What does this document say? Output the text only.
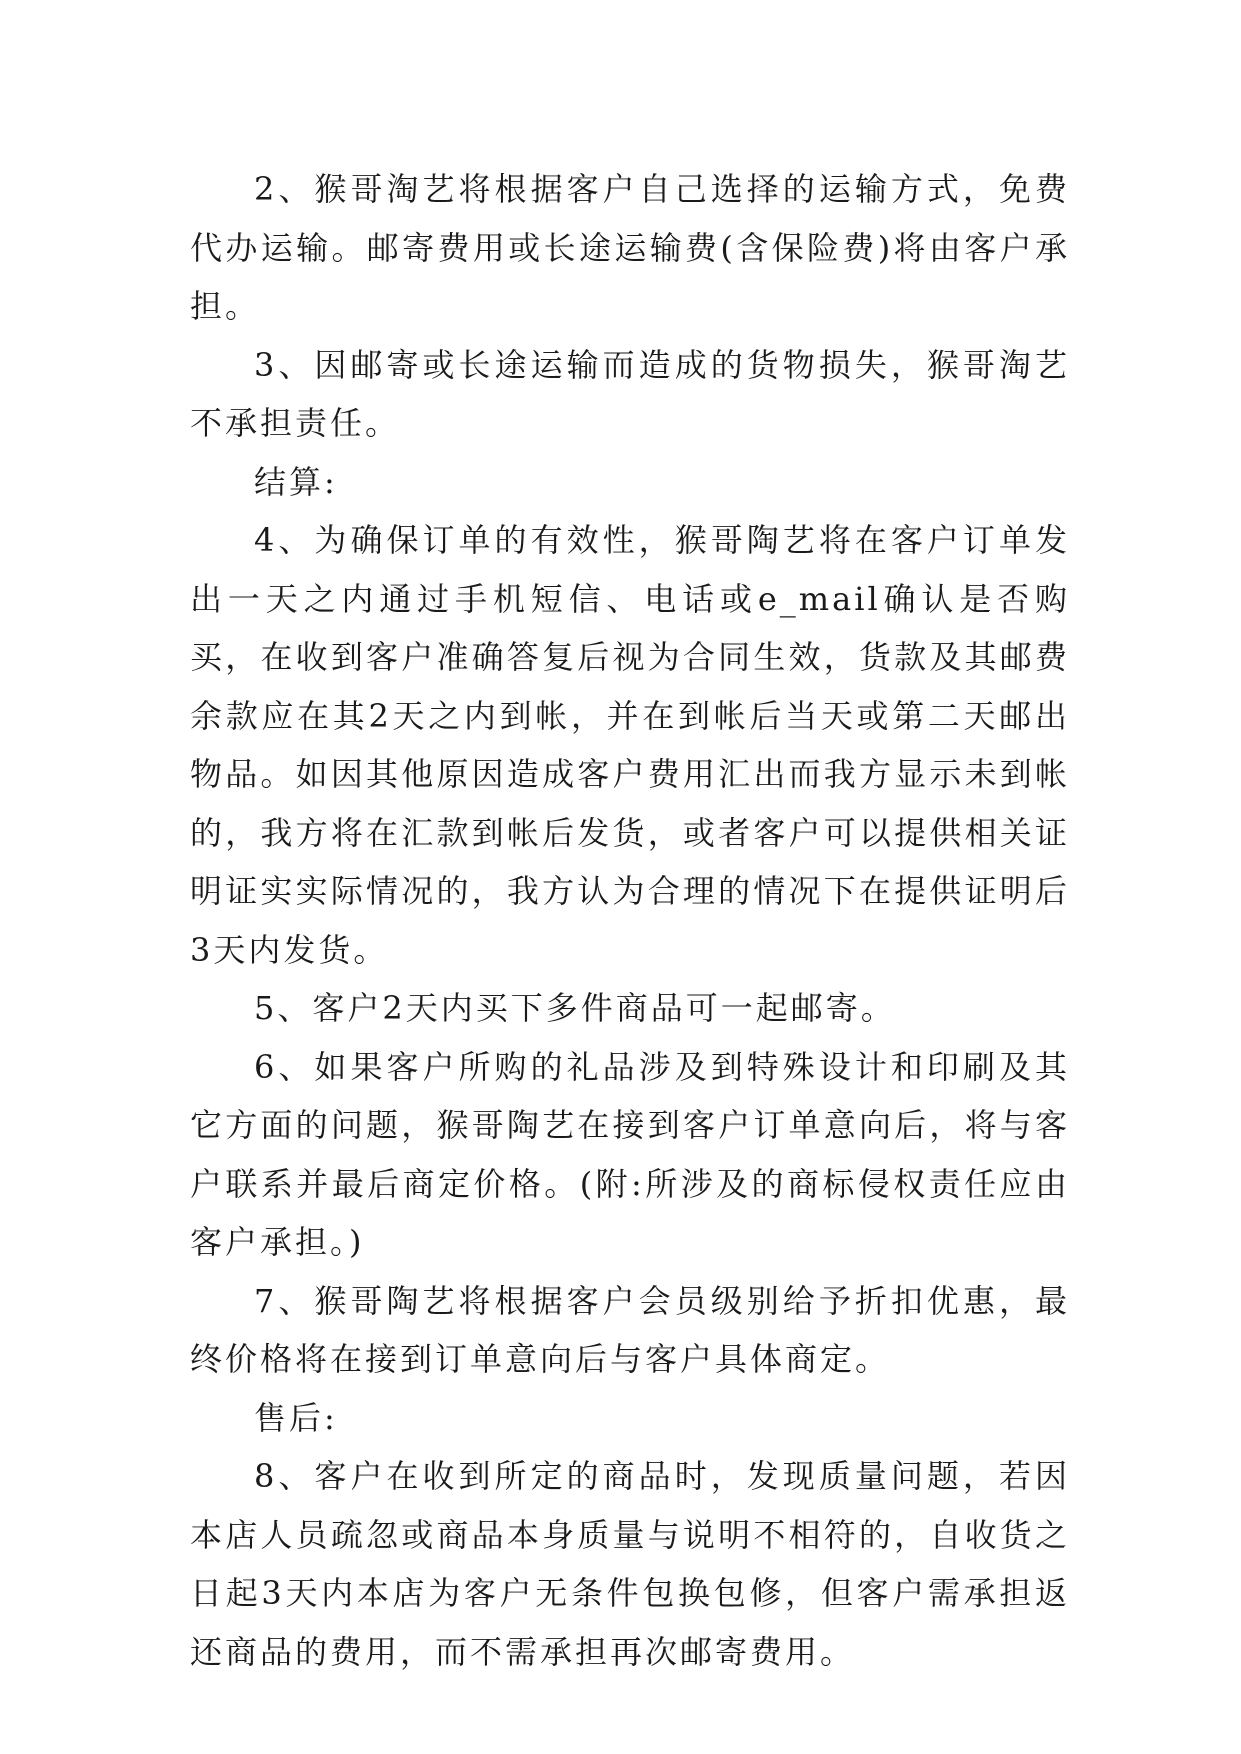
2、猴哥淘艺将根据客户自己选择的运输方式，免费代办运输。邮寄费用或长途运输费(含保险费)将由客户承担。

3、因邮寄或长途运输而造成的货物损失，猴哥淘艺不承担责任。

结算:

4、为确保订单的有效性，猴哥陶艺将在客户订单发出一天之内通过手机短信、电话或e_mail确认是否购买，在收到客户准确答复后视为合同生效，货款及其邮费余款应在其2天之内到帐，并在到帐后当天或第二天邮出物品。如因其他原因造成客户费用汇出而我方显示未到帐的，我方将在汇款到帐后发货，或者客户可以提供相关证明证实实际情况的，我方认为合理的情况下在提供证明后3天内发货。

5、客户2天内买下多件商品可一起邮寄。

6、如果客户所购的礼品涉及到特殊设计和印刷及其它方面的问题，猴哥陶艺在接到客户订单意向后，将与客户联系并最后商定价格。(附:所涉及的商标侵权责任应由客户承担。)

7、猴哥陶艺将根据客户会员级别给予折扣优惠，最终价格将在接到订单意向后与客户具体商定。

售后:

8、客户在收到所定的商品时，发现质量问题，若因本店人员疏忽或商品本身质量与说明不相符的，自收货之日起3天内本店为客户无条件包换包修，但客户需承担返还商品的费用，而不需承担再次邮寄费用。
